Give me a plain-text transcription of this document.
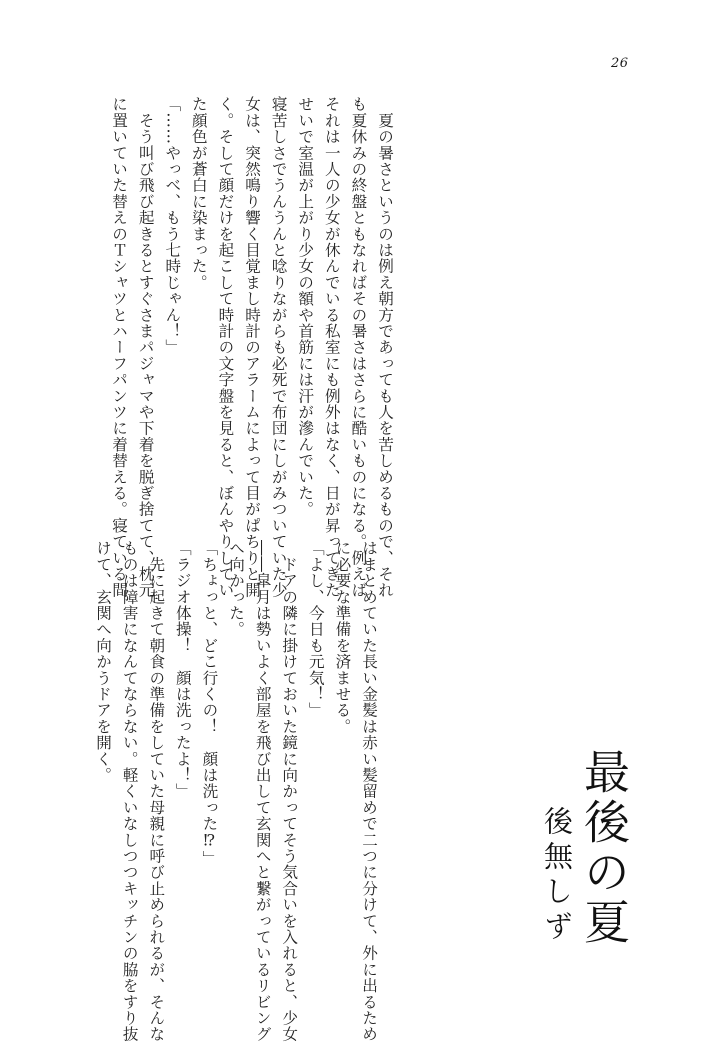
26
　夏の暑さというのは例え朝方であっても人を苦しめるもので、それ
も夏休みの終盤ともなればその暑さはさらに酷いものになる。例えば
それは一人の少女が休んでいる私室にも例外はなく、日が昇ってきた
せいで室温が上がり少女の額や首筋には汗が滲んでいた。
寝苦しさでうんうんと唸りながらも必死で布団にしがみついていた少
女は、突然鳴り響く目覚まし時計のアラームによって目がぱちりと開
く。そして顔だけを起こして時計の文字盤を見ると、ぼんやりしてい
た顔色が蒼白に染まった。
「……やっべ、もう七時じゃん！」
　そう叫び飛び起きるとすぐさまパジャマや下着を脱ぎ捨てて、枕元
に置いていた替えのＴシャツとハーフパンツに着替える。寝ている間
はまとめていた長い金髪は赤い髪留めで二つに分けて、外に出るため
に必要な準備を済ませる。
「よし、今日も元気！」
　ドアの隣に掛けておいた鏡に向かってそう気合いを入れると、少女
――皐月は勢いよく部屋を飛び出して玄関へと繋がっているリビング
へ向かった。
「ちょっと、どこ行くの！　顔は洗った⁉」
「ラジオ体操！　顔は洗ったよ！」
　先に起きて朝食の準備をしていた母親に呼び止められるが、そんな
ものは障害になんてならない。軽くいなしつつキッチンの脇をすり抜
けて、玄関へ向かうドアを開く。
最後の夏
後無しず
